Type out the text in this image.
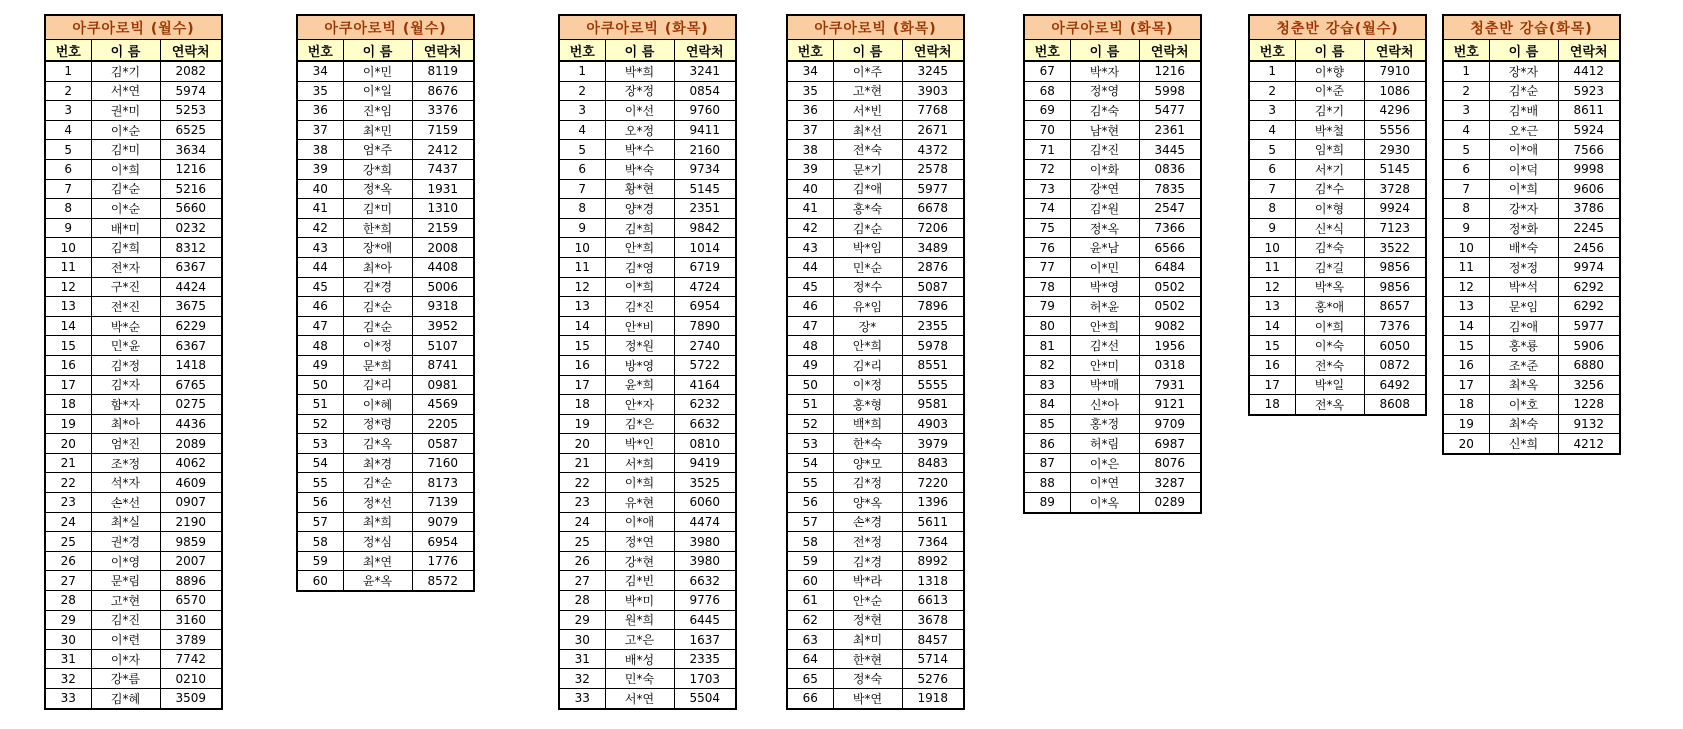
아쿠아로빅 (월수)		
번호	이 름	연락처
1	김*기	2082
2	서*연	5974
3	권*미	5253
4	이*순	6525
5	김*미	3634
6	이*희	1216
7	김*순	5216
8	이*순	5660
9	배*미	0232
10	김*희	8312
11	전*자	6367
12	구*진	4424
13	전*진	3675
14	박*순	6229
15	민*윤	6367
16	김*정	1418
17	김*자	6765
18	함*자	0275
19	최*아	4436
20	엄*진	2089
21	조*정	4062
22	석*자	4609
23	손*선	0907
24	최*실	2190
25	권*경	9859
26	이*영	2007
27	문*림	8896
28	고*현	6570
29	김*진	3160
30	이*련	3789
31	이*자	7742
32	강*름	0210
33	김*혜	3509
아쿠아로빅 (월수)		
번호	이 름	연락처
34	이*민	8119
35	이*일	8676
36	진*임	3376
37	최*민	7159
38	엄*주	2412
39	강*희	7437
40	정*옥	1931
41	김*미	1310
42	한*희	2159
43	장*애	2008
44	최*아	4408
45	김*경	5006
46	김*순	9318
47	김*순	3952
48	이*정	5107
49	문*희	8741
50	김*리	0981
51	이*혜	4569
52	정*령	2205
53	김*옥	0587
54	최*경	7160
55	김*순	8173
56	정*선	7139
57	최*희	9079
58	정*심	6954
59	최*연	1776
60	윤*옥	8572
아쿠아로빅 (화목)		
번호	이 름	연락처
1	박*희	3241
2	장*정	0854
3	이*선	9760
4	오*정	9411
5	박*수	2160
6	박*숙	9734
7	황*현	5145
8	양*경	2351
9	김*희	9842
10	안*희	1014
11	김*영	6719
12	이*희	4724
13	김*진	6954
14	안*비	7890
15	정*원	2740
16	방*영	5722
17	윤*희	4164
18	안*자	6232
19	김*은	6632
20	박*인	0810
21	서*희	9419
22	이*희	3525
23	유*현	6060
24	이*애	4474
25	정*연	3980
26	강*현	3980
27	김*빈	6632
28	박*미	9776
29	원*희	6445
30	고*은	1637
31	배*성	2335
32	민*숙	1703
33	서*연	5504
아쿠아로빅 (화목)		
번호	이 름	연락처
34	이*주	3245
35	고*현	3903
36	서*빈	7768
37	최*선	2671
38	전*숙	4372
39	문*기	2578
40	김*애	5977
41	홍*숙	6678
42	김*순	7206
43	박*임	3489
44	민*순	2876
45	정*수	5087
46	유*임	7896
47	장*	2355
48	안*희	5978
49	김*리	8551
50	이*정	5555
51	홍*형	9581
52	백*희	4903
53	한*숙	3979
54	양*모	8483
55	김*정	7220
56	양*옥	1396
57	손*경	5611
58	전*정	7364
59	김*경	8992
60	박*라	1318
61	안*순	6613
62	정*현	3678
63	최*미	8457
64	한*현	5714
65	정*숙	5276
66	박*연	1918
아쿠아로빅 (화목)		
번호	이 름	연락처
67	박*자	1216
68	정*영	5998
69	김*숙	5477
70	남*현	2361
71	김*진	3445
72	이*화	0836
73	강*연	7835
74	김*원	2547
75	정*옥	7366
76	윤*남	6566
77	이*민	6484
78	박*영	0502
79	허*윤	0502
80	안*희	9082
81	김*선	1956
82	안*미	0318
83	박*매	7931
84	신*아	9121
85	홍*정	9709
86	허*림	6987
87	이*은	8076
88	이*연	3287
89	이*옥	0289
청춘반 강습(월수)		
번호	이 름	연락처
1	이*향	7910
2	이*준	1086
3	김*기	4296
4	박*철	5556
5	임*희	2930
6	서*기	5145
7	김*수	3728
8	이*형	9924
9	신*식	7123
10	김*숙	3522
11	김*길	9856
12	박*옥	9856
13	홍*애	8657
14	이*희	7376
15	이*숙	6050
16	전*숙	0872
17	박*일	6492
18	전*옥	8608
청춘반 강습(화목)		
번호	이 름	연락처
1	장*자	4412
2	김*순	5923
3	김*배	8611
4	오*근	5924
5	이*애	7566
6	이*덕	9998
7	이*희	9606
8	강*자	3786
9	정*화	2245
10	배*숙	2456
11	정*정	9974
12	박*석	6292
13	문*임	6292
14	김*애	5977
15	홍*룡	5906
16	조*준	6880
17	최*옥	3256
18	이*호	1228
19	최*숙	9132
20	신*희	4212
